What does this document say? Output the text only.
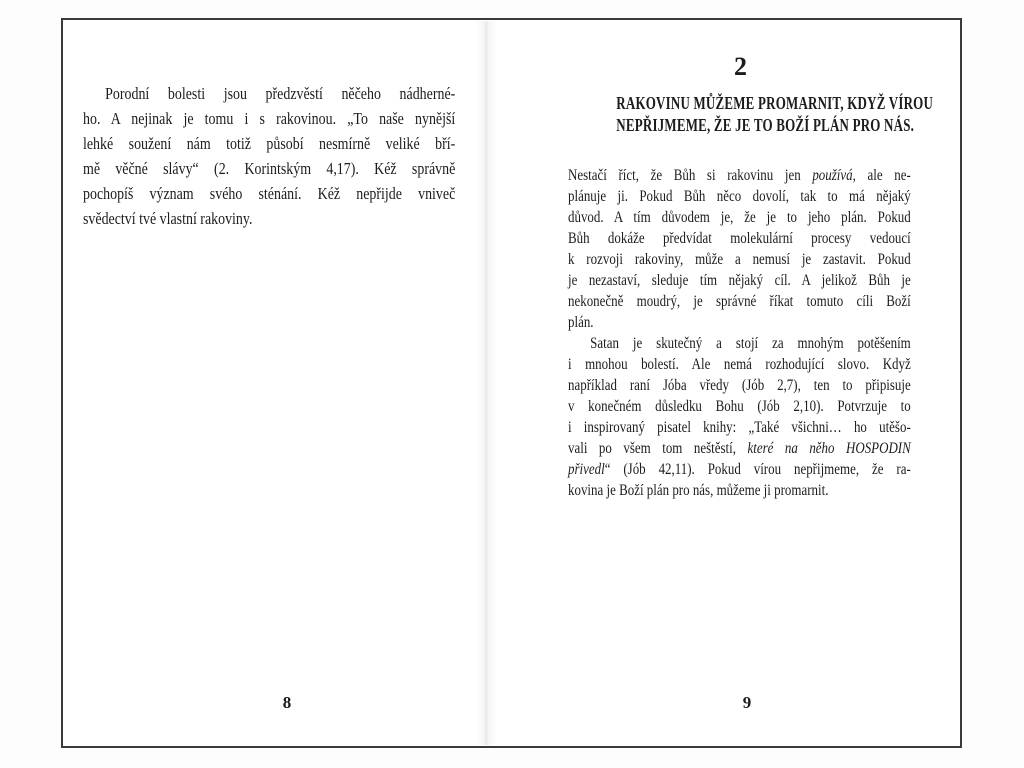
Porodní bolesti jsou předzvěstí něčeho nádherné-
ho. A nejinak je tomu i s rakovinou. „To naše nynější
lehké soužení nám totiž působí nesmírně veliké bří-
mě věčné slávy“ (2. Korintským 4,17). Kéž správně
pochopíš význam svého sténání. Kéž nepřijde vniveč
svědectví tvé vlastní rakoviny.
8
2
RAKOVINU MŮŽEME PROMARNIT, KDYŽ VÍROU
NEPŘIJMEME, ŽE JE TO BOŽÍ PLÁN PRO NÁS.
Nestačí říct, že Bůh si rakovinu jen používá, ale ne-
plánuje ji. Pokud Bůh něco dovolí, tak to má nějaký
důvod. A tím důvodem je, že je to jeho plán. Pokud
Bůh dokáže předvídat molekulární procesy vedoucí
k rozvoji rakoviny, může a nemusí je zastavit. Pokud
je nezastaví, sleduje tím nějaký cíl. A jelikož Bůh je
nekonečně moudrý, je správné říkat tomuto cíli Boží
plán.
Satan je skutečný a stojí za mnohým potěšením
i mnohou bolestí. Ale nemá rozhodující slovo. Když
například raní Jóba vředy (Jób 2,7), ten to připisuje
v konečném důsledku Bohu (Jób 2,10). Potvrzuje to
i inspirovaný pisatel knihy: „Také všichni… ho utěšo-
vali po všem tom neštěstí, které na něho HOSPODIN
přivedl“ (Jób 42,11). Pokud vírou nepřijmeme, že ra-
kovina je Boží plán pro nás, můžeme ji promarnit.
9
